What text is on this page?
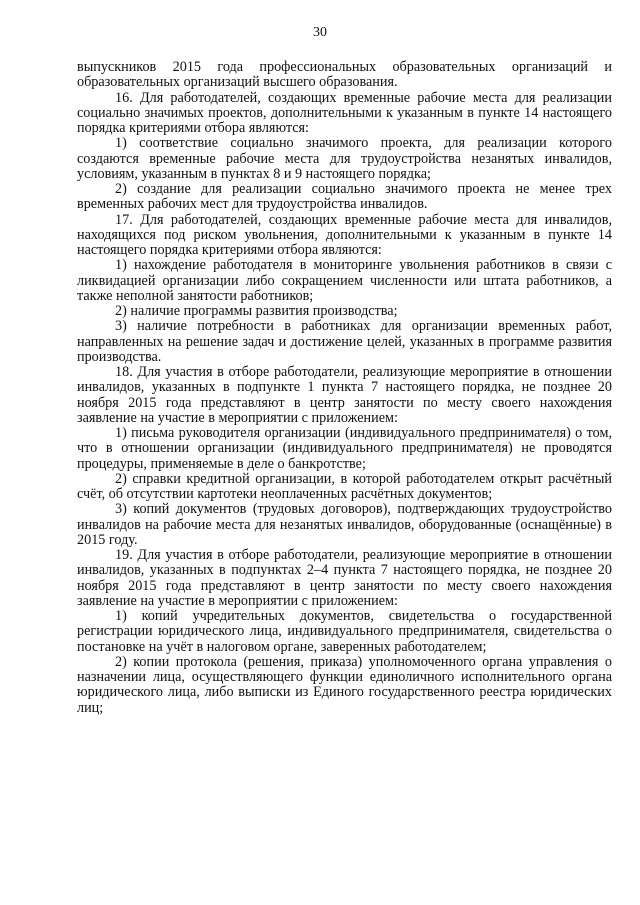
30

выпускников 2015 года профессиональных образовательных организаций и образовательных организаций высшего образования.

16. Для работодателей, создающих временные рабочие места для реализации социально значимых проектов, дополнительными к указанным в пункте 14 настоящего порядка критериями отбора являются:

1) соответствие социально значимого проекта, для реализации которого создаются временные рабочие места для трудоустройства незанятых инвалидов, условиям, указанным в пунктах 8 и 9 настоящего порядка;

2) создание для реализации социально значимого проекта не менее трех временных рабочих мест для трудоустройства инвалидов.

17. Для работодателей, создающих временные рабочие места для инвалидов, находящихся под риском увольнения, дополнительными к указанным в пункте 14 настоящего порядка критериями отбора являются:

1) нахождение работодателя в мониторинге увольнения работников в связи с ликвидацией организации либо сокращением численности или штата работников, а также неполной занятости работников;

2) наличие программы развития производства;

3) наличие потребности в работниках для организации временных работ, направленных на решение задач и достижение целей, указанных в программе развития производства.

18. Для участия в отборе работодатели, реализующие мероприятие в отношении инвалидов, указанных в подпункте 1 пункта 7 настоящего порядка, не позднее 20 ноября 2015 года представляют в центр занятости по месту своего нахождения заявление на участие в мероприятии с приложением:

1) письма руководителя организации (индивидуального предпринимателя) о том, что в отношении организации (индивидуального предпринимателя) не проводятся процедуры, применяемые в деле о банкротстве;

2) справки кредитной организации, в которой работодателем открыт расчётный счёт, об отсутствии картотеки неоплаченных расчётных документов;

3) копий документов (трудовых договоров), подтверждающих трудоустройство инвалидов на рабочие места для незанятых инвалидов, оборудованные (оснащённые) в 2015 году.

19. Для участия в отборе работодатели, реализующие мероприятие в отношении инвалидов, указанных в подпунктах 2–4 пункта 7 настоящего порядка, не позднее 20 ноября 2015 года представляют в центр занятости по месту своего нахождения заявление на участие в мероприятии с приложением:

1) копий учредительных документов, свидетельства о государственной регистрации юридического лица, индивидуального предпринимателя, свидетельства о постановке на учёт в налоговом органе, заверенных работодателем;

2) копии протокола (решения, приказа) уполномоченного органа управления о назначении лица, осуществляющего функции единоличного исполнительного органа юридического лица, либо выписки из Единого государственного реестра юридических лиц;
